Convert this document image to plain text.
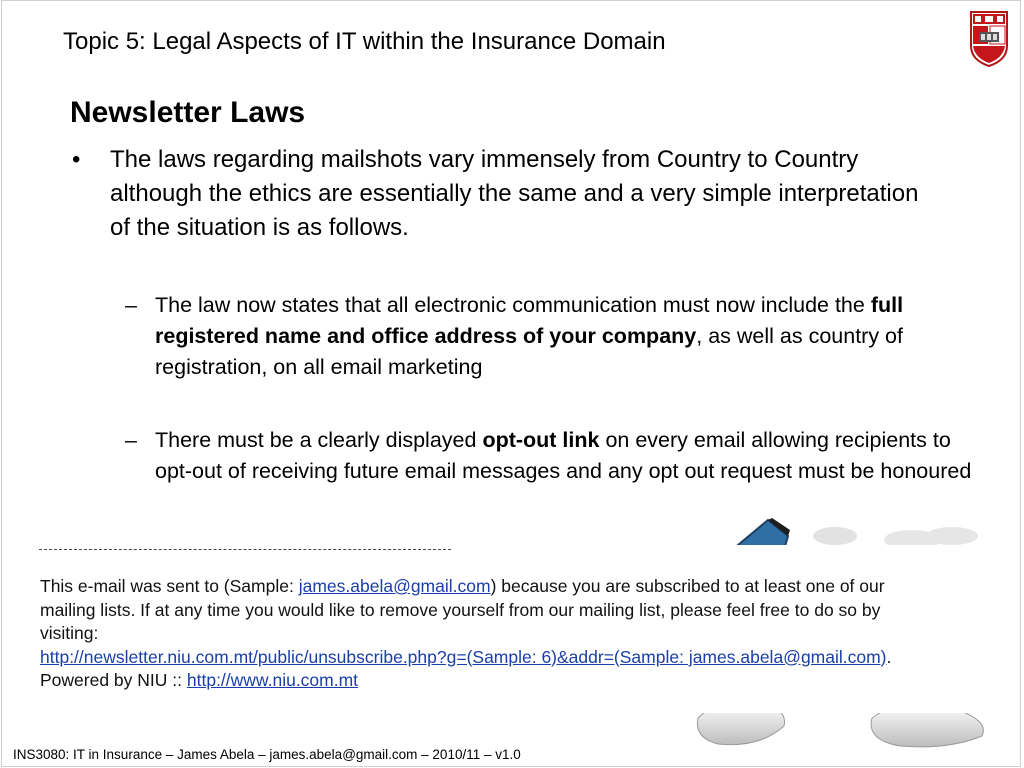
Topic 5: Legal Aspects of IT within the Insurance Domain
Newsletter Laws
• The laws regarding mailshots vary immensely from Country to Country although the ethics are essentially the same and a very simple interpretation of the situation is as follows.
– The law now states that all electronic communication must now include the full registered name and office address of your company, as well as country of registration, on all email marketing
– There must be a clearly displayed opt-out link on every email allowing recipients to opt-out of receiving future email messages and any opt out request must be honoured
This e-mail was sent to (Sample: james.abela@gmail.com) because you are subscribed to at least one of our
mailing lists. If at any time you would like to remove yourself from our mailing list, please feel free to do so by
visiting:
http://newsletter.niu.com.mt/public/unsubscribe.php?g=(Sample: 6)&addr=(Sample: james.abela@gmail.com).
Powered by NIU :: http://www.niu.com.mt
INS3080: IT in Insurance – James Abela – james.abela@gmail.com – 2010/11 – v1.0
